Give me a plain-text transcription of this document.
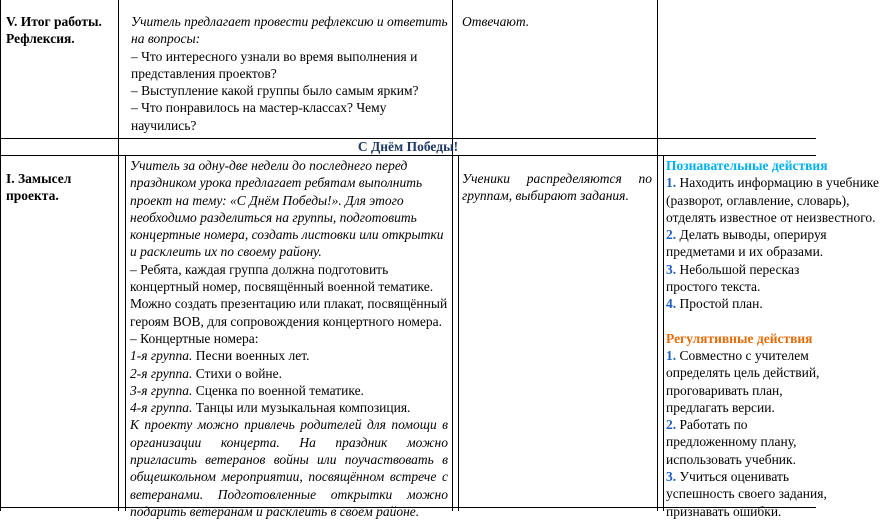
V. Итог работы. Рефлексия.
Учитель предлагает провести рефлексию и ответить на вопросы:
– Что интересного узнали во время выполнения и представления проектов?
– Выступление какой группы было самым ярким?
– Что понравилось на мастер-классах? Чему научились?
Отвечают.
С Днём Победы!
I. Замысел проекта.
Учитель за одну-две недели до последнего перед праздником урока предлагает ребятам выполнить проект на тему: «С Днём Победы!». Для этого необходимо разделиться на группы, подготовить концертные номера, создать листовки или открытки и расклеить их по своему району.
– Ребята, каждая группа должна подготовить концертный номер, посвящённый военной тематике. Можно создать презентацию или плакат, посвящённый героям ВОВ, для сопровождения концертного номера.
– Концертные номера:
1-я группа. Песни военных лет.
2-я группа. Стихи о войне.
3-я группа. Сценка по военной тематике.
4-я группа. Танцы или музыкальная композиция.
К проекту можно привлечь родителей для помощи в организации концерта. На праздник можно пригласить ветеранов войны или поучаствовать в общешкольном мероприятии, посвящённом встрече с ветеранами. Подготовленные открытки можно подарить ветеранам и расклеить в своём районе.
Ученики распределяются по группам, выбирают задания.
Познавательные действия
1. Находить информацию в учебнике (разворот, оглавление, словарь), отделять известное от неизвестного.
2. Делать выводы, оперируя предметами и их образами.
3. Небольшой пересказ простого текста.
4. Простой план.
Регулятивные действия
1. Совместно с учителем определять цель действий, проговаривать план, предлагать версии.
2. Работать по предложенному плану, использовать учебник.
3. Учиться оценивать успешность своего задания, признавать ошибки.
